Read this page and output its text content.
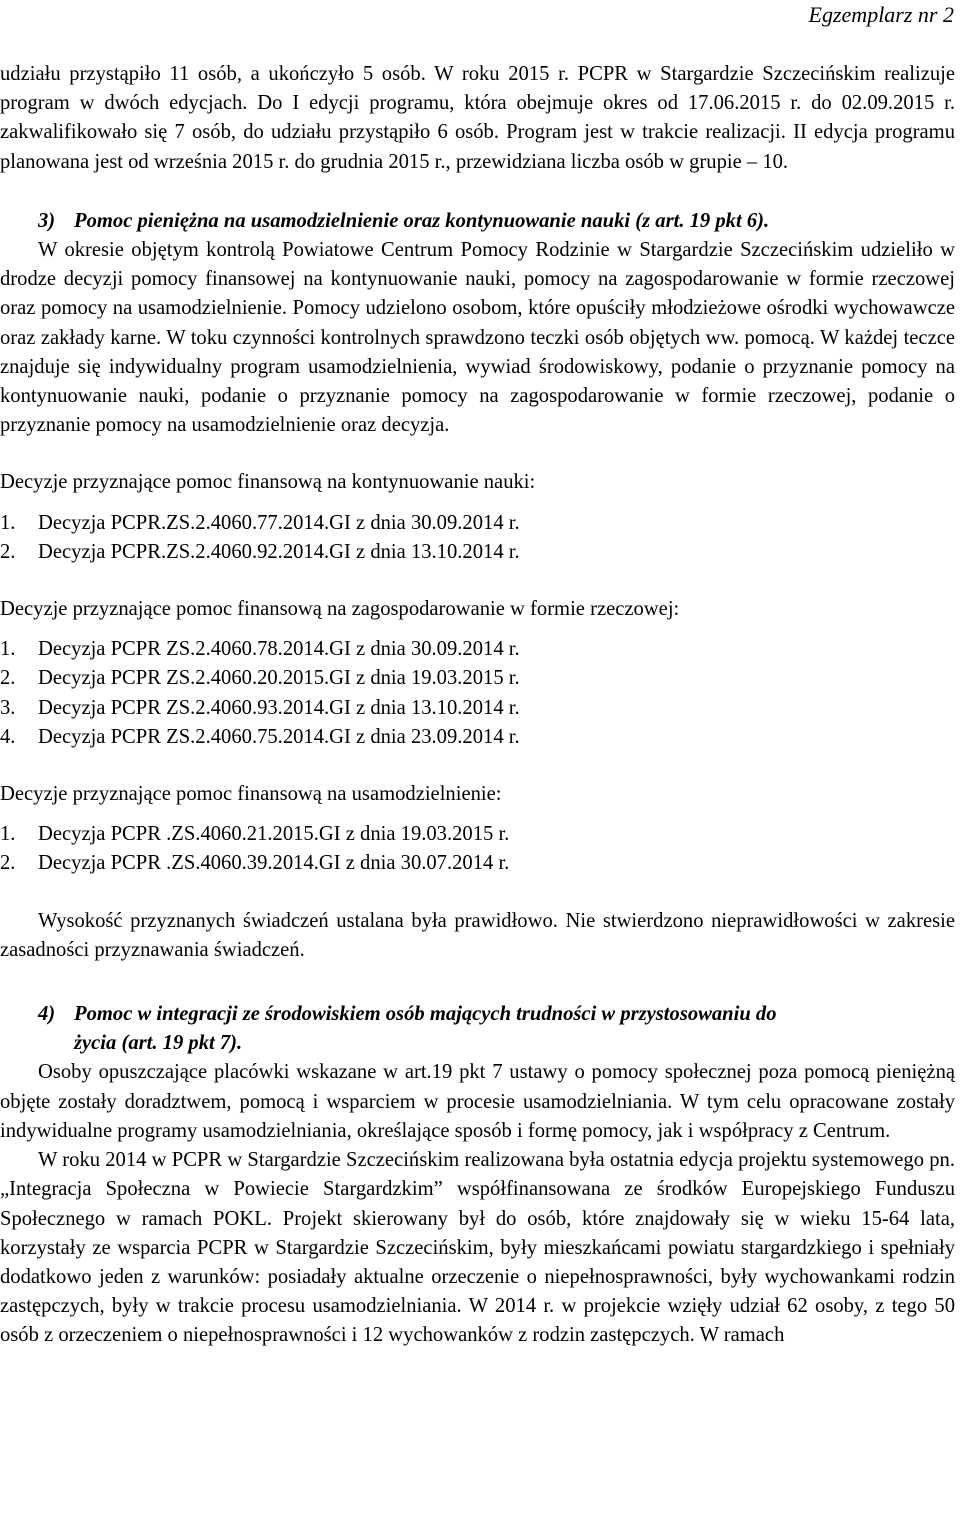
Egzemplarz nr 2

udziału przystąpiło 11 osób, a ukończyło 5 osób. W roku 2015 r. PCPR w Stargardzie Szczecińskim realizuje program w dwóch edycjach. Do I edycji programu, która obejmuje okres od 17.06.2015 r. do 02.09.2015 r. zakwalifikowało się 7 osób, do udziału przystąpiło 6 osób. Program jest w trakcie realizacji. II edycja programu planowana jest od września 2015 r. do grudnia 2015 r., przewidziana liczba osób w grupie – 10.

3) Pomoc pieniężna na usamodzielnienie oraz kontynuowanie nauki (z art. 19 pkt 6).

W okresie objętym kontrolą Powiatowe Centrum Pomocy Rodzinie w Stargardzie Szczecińskim udzieliło w drodze decyzji pomocy finansowej na kontynuowanie nauki, pomocy na zagospodarowanie w formie rzeczowej oraz pomocy na usamodzielnienie. Pomocy udzielono osobom, które opuściły młodzieżowe ośrodki wychowawcze oraz zakłady karne. W toku czynności kontrolnych sprawdzono teczki osób objętych ww. pomocą. W każdej teczce znajduje się indywidualny program usamodzielnienia, wywiad środowiskowy, podanie o przyznanie pomocy na kontynuowanie nauki, podanie o przyznanie pomocy na zagospodarowanie w formie rzeczowej, podanie o przyznanie pomocy na usamodzielnienie oraz decyzja.

Decyzje przyznające pomoc finansową na kontynuowanie nauki:

1.	Decyzja PCPR.ZS.2.4060.77.2014.GI z dnia 30.09.2014 r.
2.	Decyzja PCPR.ZS.2.4060.92.2014.GI z dnia 13.10.2014 r.

Decyzje przyznające pomoc finansową na zagospodarowanie w formie rzeczowej:

1.	Decyzja PCPR ZS.2.4060.78.2014.GI z dnia 30.09.2014 r.
2.	Decyzja PCPR ZS.2.4060.20.2015.GI z dnia 19.03.2015 r.
3.	Decyzja PCPR ZS.2.4060.93.2014.GI z dnia 13.10.2014 r.
4.	Decyzja PCPR ZS.2.4060.75.2014.GI z dnia 23.09.2014 r.

Decyzje przyznające pomoc finansową na usamodzielnienie:

1.	Decyzja PCPR .ZS.4060.21.2015.GI z dnia 19.03.2015 r.
2.	Decyzja PCPR .ZS.4060.39.2014.GI z dnia 30.07.2014 r.

Wysokość przyznanych świadczeń ustalana była prawidłowo. Nie stwierdzono nieprawidłowości w zakresie zasadności przyznawania świadczeń.

4) Pomoc w integracji ze środowiskiem osób mających trudności w przystosowaniu do
życia (art. 19 pkt 7).

Osoby opuszczające placówki wskazane w art.19 pkt 7 ustawy o pomocy społecznej poza pomocą pieniężną objęte zostały doradztwem, pomocą i wsparciem w procesie usamodzielniania. W tym celu opracowane zostały indywidualne programy usamodzielniania, określające sposób i formę pomocy, jak i współpracy z Centrum.

W roku 2014 w PCPR w Stargardzie Szczecińskim realizowana była ostatnia edycja projektu systemowego pn. „Integracja Społeczna w Powiecie Stargardzkim” współfinansowana ze środków Europejskiego Funduszu Społecznego w ramach POKL. Projekt skierowany był do osób, które znajdowały się w wieku 15-64 lata, korzystały ze wsparcia PCPR w Stargardzie Szczecińskim, były mieszkańcami powiatu stargardzkiego i spełniały dodatkowo jeden z warunków: posiadały aktualne orzeczenie o niepełnosprawności, były wychowankami rodzin zastępczych, były w trakcie procesu usamodzielniania. W 2014 r. w projekcie wzięły udział 62 osoby, z tego 50 osób z orzeczeniem o niepełnosprawności i 12 wychowanków z rodzin zastępczych. W ramach
